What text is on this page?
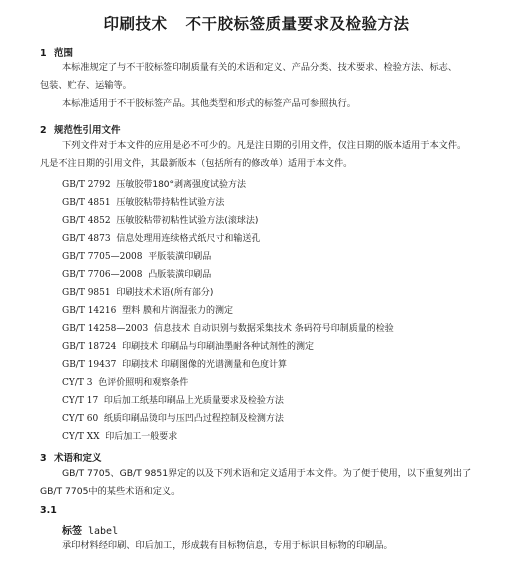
印刷技术 不干胶标签质量要求及检验方法
1 范围
本标准规定了与不干胶标签印制质量有关的术语和定义、产品分类、技术要求、检验方法、标志、
包装、贮存、运输等。
本标准适用于不干胶标签产品。其他类型和形式的标签产品可参照执行。
2 规范性引用文件
下列文件对于本文件的应用是必不可少的。凡是注日期的引用文件，仅注日期的版本适用于本文件。
凡是不注日期的引用文件，其最新版本（包括所有的修改单）适用于本文件。
GB/T 2792 压敏胶带180°剥离强度试验方法
GB/T 4851 压敏胶粘带持粘性试验方法
GB/T 4852 压敏胶粘带初粘性试验方法(滚球法)
GB/T 4873 信息处理用连续格式纸尺寸和输送孔
GB/T 7705—2008 平版装潢印刷品
GB/T 7706—2008 凸版装潢印刷品
GB/T 9851 印刷技术术语(所有部分)
GB/T 14216 塑料 膜和片润湿张力的测定
GB/T 14258—2003 信息技术 自动识别与数据采集技术 条码符号印制质量的检验
GB/T 18724 印刷技术 印刷品与印刷油墨耐各种试剂性的测定
GB/T 19437 印刷技术 印刷图像的光谱测量和色度计算
CY/T 3 色评价照明和观察条件
CY/T 17 印后加工纸基印刷品上光质量要求及检验方法
CY/T 60 纸质印刷品烫印与压凹凸过程控制及检测方法
CY/T XX 印后加工一般要求
3 术语和定义
GB/T 7705、GB/T 9851界定的以及下列术语和定义适用于本文件。为了便于使用，以下重复列出了
GB/T 7705中的某些术语和定义。
3.1
标签 label
承印材料经印刷、印后加工，形成载有目标物信息，专用于标识目标物的印刷品。
